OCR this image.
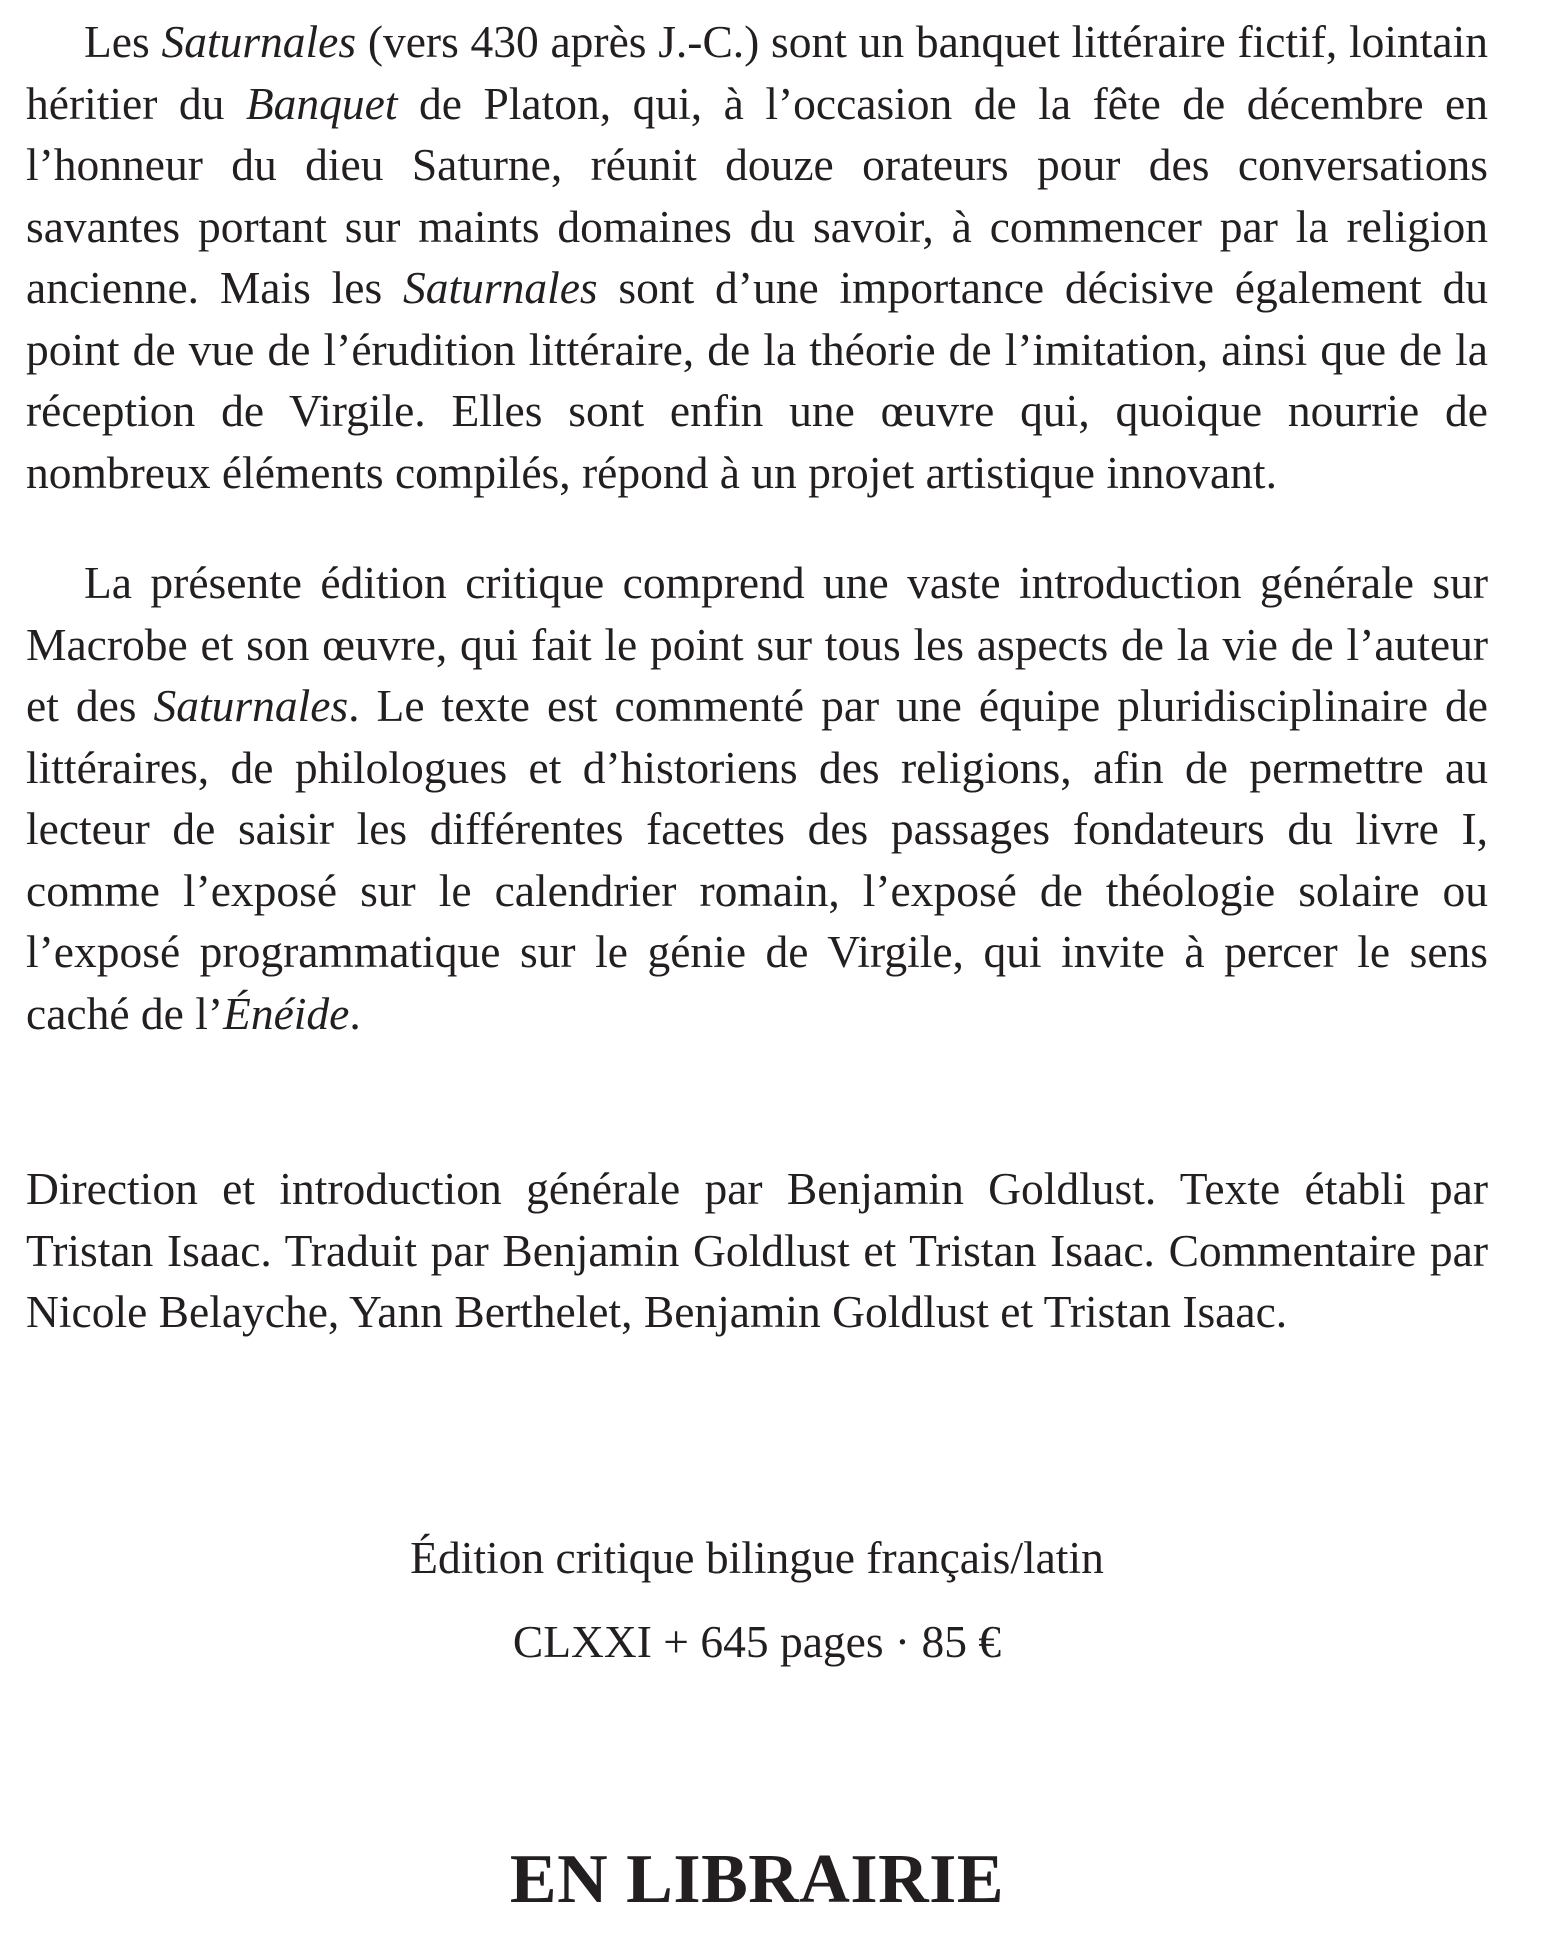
Les Saturnales (vers 430 après J.-C.) sont un banquet littéraire fictif, lointain héritier du Banquet de Platon, qui, à l’occasion de la fête de décembre en l’honneur du dieu Saturne, réunit douze orateurs pour des conversations savantes portant sur maints domaines du savoir, à commencer par la religion ancienne. Mais les Saturnales sont d’une importance décisive également du point de vue de l’érudition littéraire, de la théorie de l’imitation, ainsi que de la réception de Virgile. Elles sont enfin une œuvre qui, quoique nourrie de nombreux éléments compilés, répond à un projet artistique innovant.

La présente édition critique comprend une vaste introduction générale sur Macrobe et son œuvre, qui fait le point sur tous les aspects de la vie de l’auteur et des Saturnales. Le texte est commenté par une équipe pluridisciplinaire de littéraires, de philologues et d’historiens des religions, afin de permettre au lecteur de saisir les différentes facettes des passages fondateurs du livre I, comme l’exposé sur le calendrier romain, l’exposé de théologie solaire ou l’exposé programmatique sur le génie de Virgile, qui invite à percer le sens caché de l’Énéide.

Direction et introduction générale par Benjamin Goldlust. Texte établi par Tristan Isaac. Traduit par Benjamin Goldlust et Tristan Isaac. Commentaire par Nicole Belayche, Yann Berthelet, Benjamin Goldlust et Tristan Isaac.

Édition critique bilingue français/latin

CLXXI + 645 pages · 85 €

EN LIBRAIRIE
